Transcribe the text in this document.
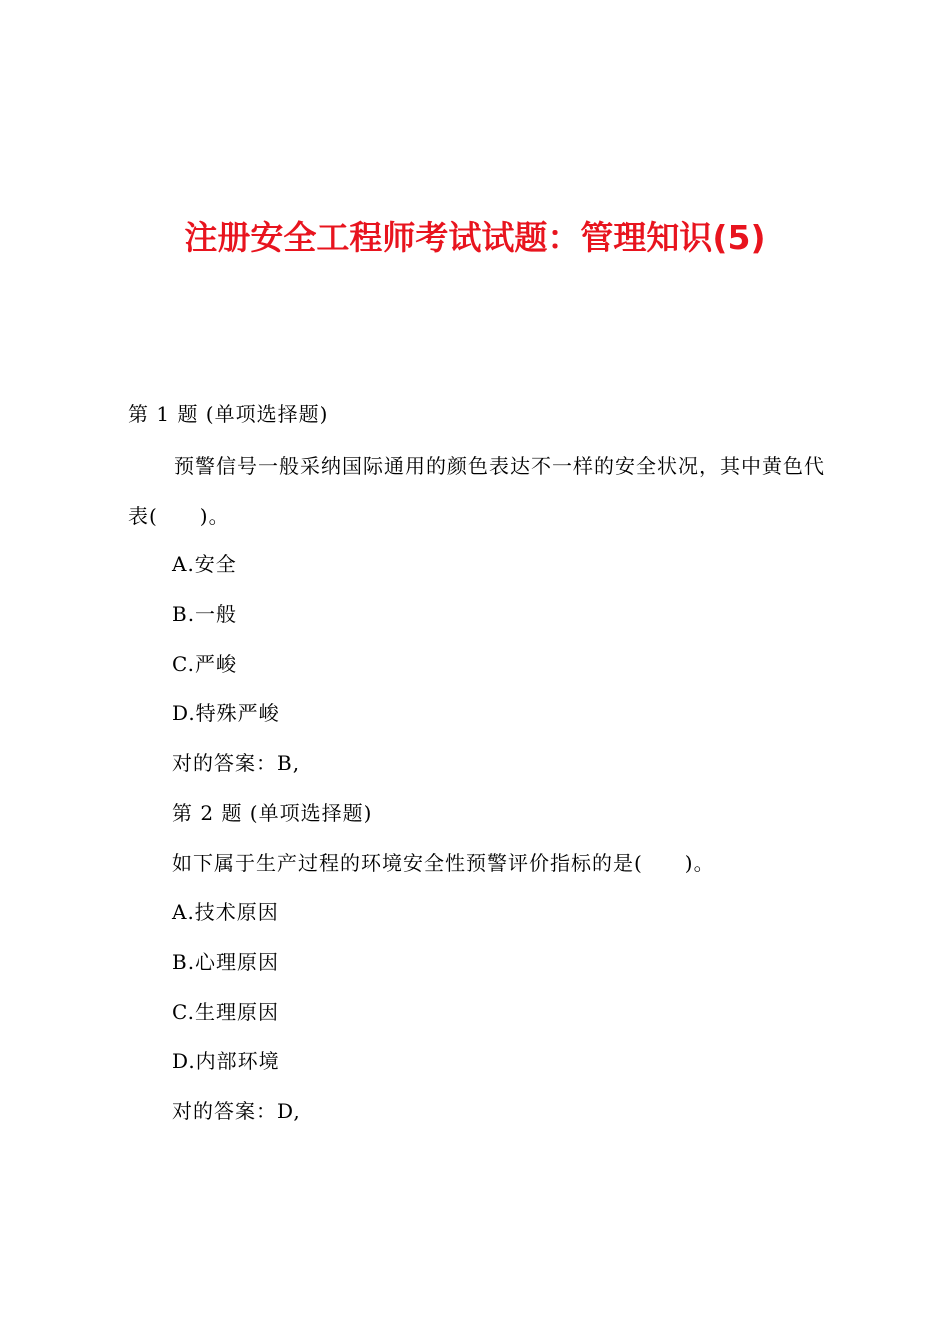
注册安全工程师考试试题：管理知识(5)
第 1 题 (单项选择题)
预警信号一般采纳国际通用的颜色表达不一样的安全状况，其中黄色代表(　　)。
A.安全
B.一般
C.严峻
D.特殊严峻
对的答案：B,
第 2 题 (单项选择题)
如下属于生产过程的环境安全性预警评价指标的是(　　)。
A.技术原因
B.心理原因
C.生理原因
D.内部环境
对的答案：D,
